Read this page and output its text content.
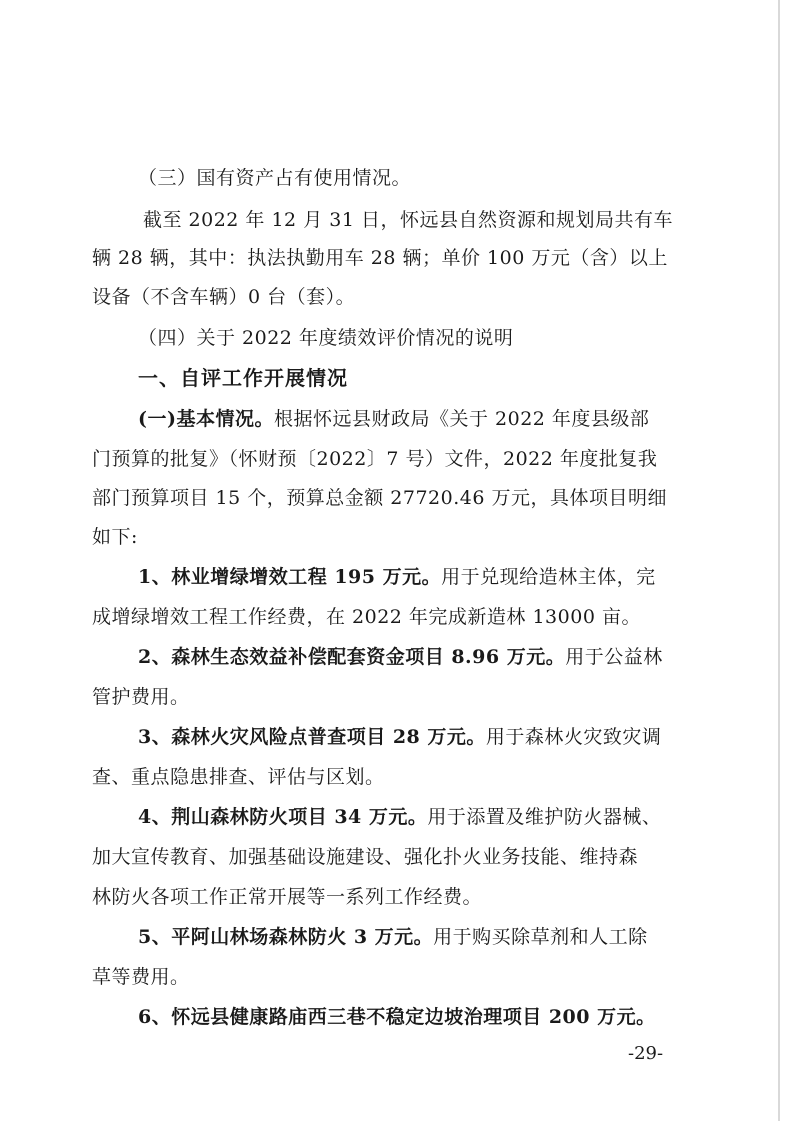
（三）国有资产占有使用情况。
截至 2022 年 12 月 31 日，怀远县自然资源和规划局共有车
辆 28 辆，其中：执法执勤用车 28 辆；单价 100 万元（含）以上
设备（不含车辆）0 台（套）。
（四）关于 2022 年度绩效评价情况的说明
一、自评工作开展情况
(一)基本情况。根据怀远县财政局《关于 2022 年度县级部
门预算的批复》（怀财预〔2022〕7 号）文件，2022 年度批复我
部门预算项目 15 个，预算总金额 27720.46 万元，具体项目明细
如下:
1、林业增绿增效工程 195 万元。用于兑现给造林主体，完
成增绿增效工程工作经费，在 2022 年完成新造林 13000 亩。
2、森林生态效益补偿配套资金项目 8.96 万元。用于公益林
管护费用。
3、森林火灾风险点普查项目 28 万元。用于森林火灾致灾调
查、重点隐患排查、评估与区划。
4、荆山森林防火项目 34 万元。用于添置及维护防火器械、
加大宣传教育、加强基础设施建设、强化扑火业务技能、维持森
林防火各项工作正常开展等一系列工作经费。
5、平阿山林场森林防火 3 万元。用于购买除草剂和人工除
草等费用。
6、怀远县健康路庙西三巷不稳定边坡治理项目 200 万元。
-29-
